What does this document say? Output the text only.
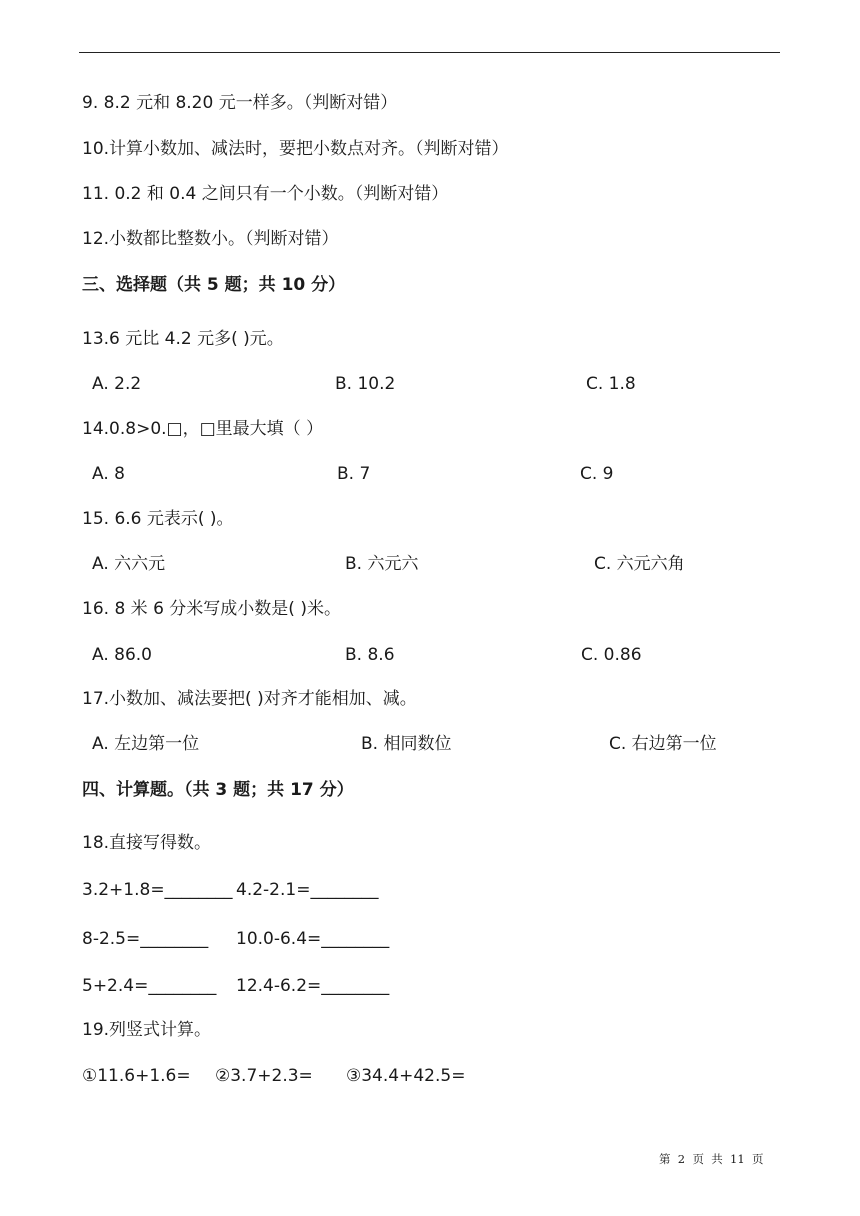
9. 8.2 元和 8.20 元一样多。（判断对错）
10.计算小数加、减法时，要把小数点对齐。（判断对错）
11. 0.2 和 0.4 之间只有一个小数。（判断对错）
12.小数都比整数小。（判断对错）
三、选择题（共 5 题；共 10 分）
13.6 元比 4.2 元多( )元。
A. 2.2	B. 10.2	C. 1.8
14.0.8>0.□，□里最大填（ ）
A. 8	B. 7	C. 9
15. 6.6 元表示( )。
A. 六六元	B. 六元六	C. 六元六角
16. 8 米 6 分米写成小数是( )米。
A. 86.0	B. 8.6	C. 0.86
17.小数加、减法要把( )对齐才能相加、减。
A. 左边第一位	B. 相同数位	C. 右边第一位
四、计算题。（共 3 题；共 17 分）
18.直接写得数。
3.2+1.8=________ 4.2-2.1=________
8-2.5=________ 10.0-6.4=________
5+2.4=________ 12.4-6.2=________
19.列竖式计算。
①11.6+1.6= ②3.7+2.3= ③34.4+42.5=
第  2  页  共  11  页
